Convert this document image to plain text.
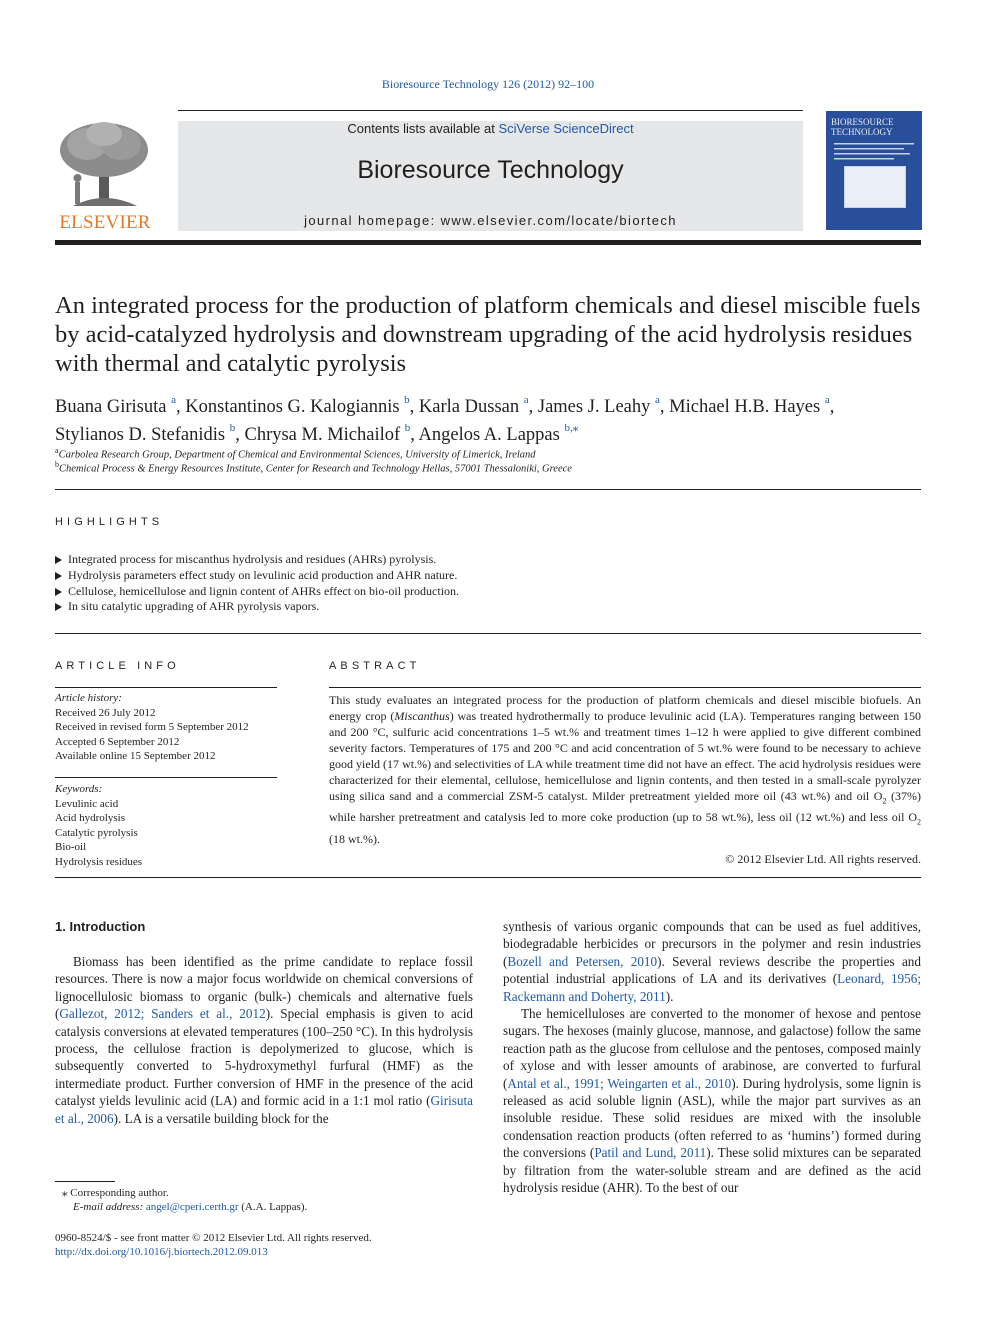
Bioresource Technology 126 (2012) 92–100
ELSEVIER
Contents lists available at SciVerse ScienceDirect
Bioresource Technology
journal homepage: www.elsevier.com/locate/biortech
BIORESOURCE
TECHNOLOGY
An integrated process for the production of platform chemicals and diesel miscible fuels by acid-catalyzed hydrolysis and downstream upgrading of the acid hydrolysis residues with thermal and catalytic pyrolysis
Buana Girisuta $^a$, Konstantinos G. Kalogiannis $^b$, Karla Dussan $^a$, James J. Leahy $^a$, Michael H.B. Hayes $^a$,
Stylianos D. Stefanidis $^b$, Chrysa M. Michailof $^b$, Angelos A. Lappas $^{b,⁎}$
$^a$Carbolea Research Group, Department of Chemical and Environmental Sciences, University of Limerick, Ireland
$^b$Chemical Process & Energy Resources Institute, Center for Research and Technology Hellas, 57001 Thessaloniki, Greece
HIGHLIGHTS
Integrated process for miscanthus hydrolysis and residues (AHRs) pyrolysis.
Hydrolysis parameters effect study on levulinic acid production and AHR nature.
Cellulose, hemicellulose and lignin content of AHRs effect on bio-oil production.
In situ catalytic upgrading of AHR pyrolysis vapors.
ARTICLE INFO
Article history:
Received 26 July 2012
Received in revised form 5 September 2012
Accepted 6 September 2012
Available online 15 September 2012
Keywords:
Levulinic acid
Acid hydrolysis
Catalytic pyrolysis
Bio-oil
Hydrolysis residues
ABSTRACT
This study evaluates an integrated process for the production of platform chemicals and diesel miscible biofuels. An energy crop (Miscanthus) was treated hydrothermally to produce levulinic acid (LA). Temperatures ranging between 150 and 200 °C, sulfuric acid concentrations 1–5 wt.% and treatment times 1–12 h were applied to give different combined severity factors. Temperatures of 175 and 200 °C and acid concentration of 5 wt.% were found to be necessary to achieve good yield (17 wt.%) and selectivities of LA while treatment time did not have an effect. The acid hydrolysis residues were characterized for their elemental, cellulose, hemicellulose and lignin contents, and then tested in a small-scale pyrolyzer using silica sand and a commercial ZSM-5 catalyst. Milder pretreatment yielded more oil (43 wt.%) and oil $O_2$ (37%) while harsher pretreatment and catalysis led to more coke production (up to 58 wt.%), less oil (12 wt.%) and less oil $O_2$ (18 wt.%).
© 2012 Elsevier Ltd. All rights reserved.
1. Introduction

Biomass has been identified as the prime candidate to replace fossil resources. There is now a major focus worldwide on chemical conversions of lignocellulosic biomass to organic (bulk-) chemicals and alternative fuels (Gallezot, 2012; Sanders et al., 2012). Special emphasis is given to acid catalysis conversions at elevated temperatures (100–250 °C). In this hydrolysis process, the cellulose fraction is depolymerized to glucose, which is subsequently converted to 5-hydroxymethyl furfural (HMF) as the intermediate product. Further conversion of HMF in the presence of the acid catalyst yields levulinic acid (LA) and formic acid in a 1:1 mol ratio (Girisuta et al., 2006). LA is a versatile building block for the

synthesis of various organic compounds that can be used as fuel additives, biodegradable herbicides or precursors in the polymer and resin industries (Bozell and Petersen, 2010). Several reviews describe the properties and potential industrial applications of LA and its derivatives (Leonard, 1956; Rackemann and Doherty, 2011).

The hemicelluloses are converted to the monomer of hexose and pentose sugars. The hexoses (mainly glucose, mannose, and galactose) follow the same reaction path as the glucose from cellulose and the pentoses, composed mainly of xylose and with lesser amounts of arabinose, are converted to furfural (Antal et al., 1991; Weingarten et al., 2010). During hydrolysis, some lignin is released as acid soluble lignin (ASL), while the major part survives as an insoluble residue. These solid residues are mixed with the insoluble condensation reaction products (often referred to as ‘humins’) formed during the conversions (Patil and Lund, 2011). These solid mixtures can be separated by filtration from the water-soluble stream and are defined as the acid hydrolysis residue (AHR). To the best of our

⁎ Corresponding author.
E-mail address: angel@cperi.certh.gr (A.A. Lappas).
0960-8524/$ - see front matter © 2012 Elsevier Ltd. All rights reserved.
http://dx.doi.org/10.1016/j.biortech.2012.09.013
